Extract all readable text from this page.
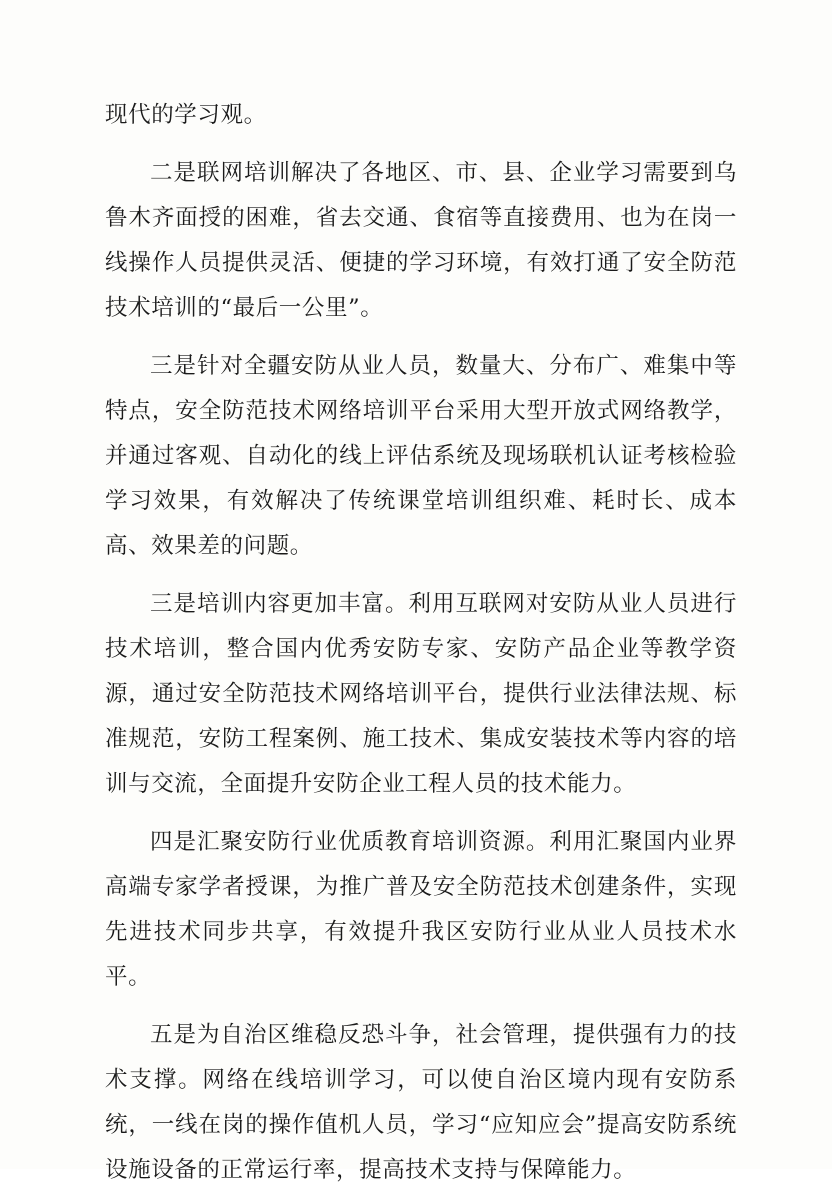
现代的学习观。

二是联网培训解决了各地区、市、县、企业学习需要到乌鲁木齐面授的困难，省去交通、食宿等直接费用、也为在岗一线操作人员提供灵活、便捷的学习环境，有效打通了安全防范技术培训的“最后一公里”。

三是针对全疆安防从业人员，数量大、分布广、难集中等特点，安全防范技术网络培训平台采用大型开放式网络教学，并通过客观、自动化的线上评估系统及现场联机认证考核检验学习效果，有效解决了传统课堂培训组织难、耗时长、成本高、效果差的问题。

三是培训内容更加丰富。利用互联网对安防从业人员进行技术培训，整合国内优秀安防专家、安防产品企业等教学资源，通过安全防范技术网络培训平台，提供行业法律法规、标准规范，安防工程案例、施工技术、集成安装技术等内容的培训与交流，全面提升安防企业工程人员的技术能力。

四是汇聚安防行业优质教育培训资源。利用汇聚国内业界高端专家学者授课，为推广普及安全防范技术创建条件，实现先进技术同步共享，有效提升我区安防行业从业人员技术水平。

五是为自治区维稳反恐斗争，社会管理，提供强有力的技术支撑。网络在线培训学习，可以使自治区境内现有安防系统，一线在岗的操作值机人员，学习“应知应会”提高安防系统设施设备的正常运行率，提高技术支持与保障能力。
